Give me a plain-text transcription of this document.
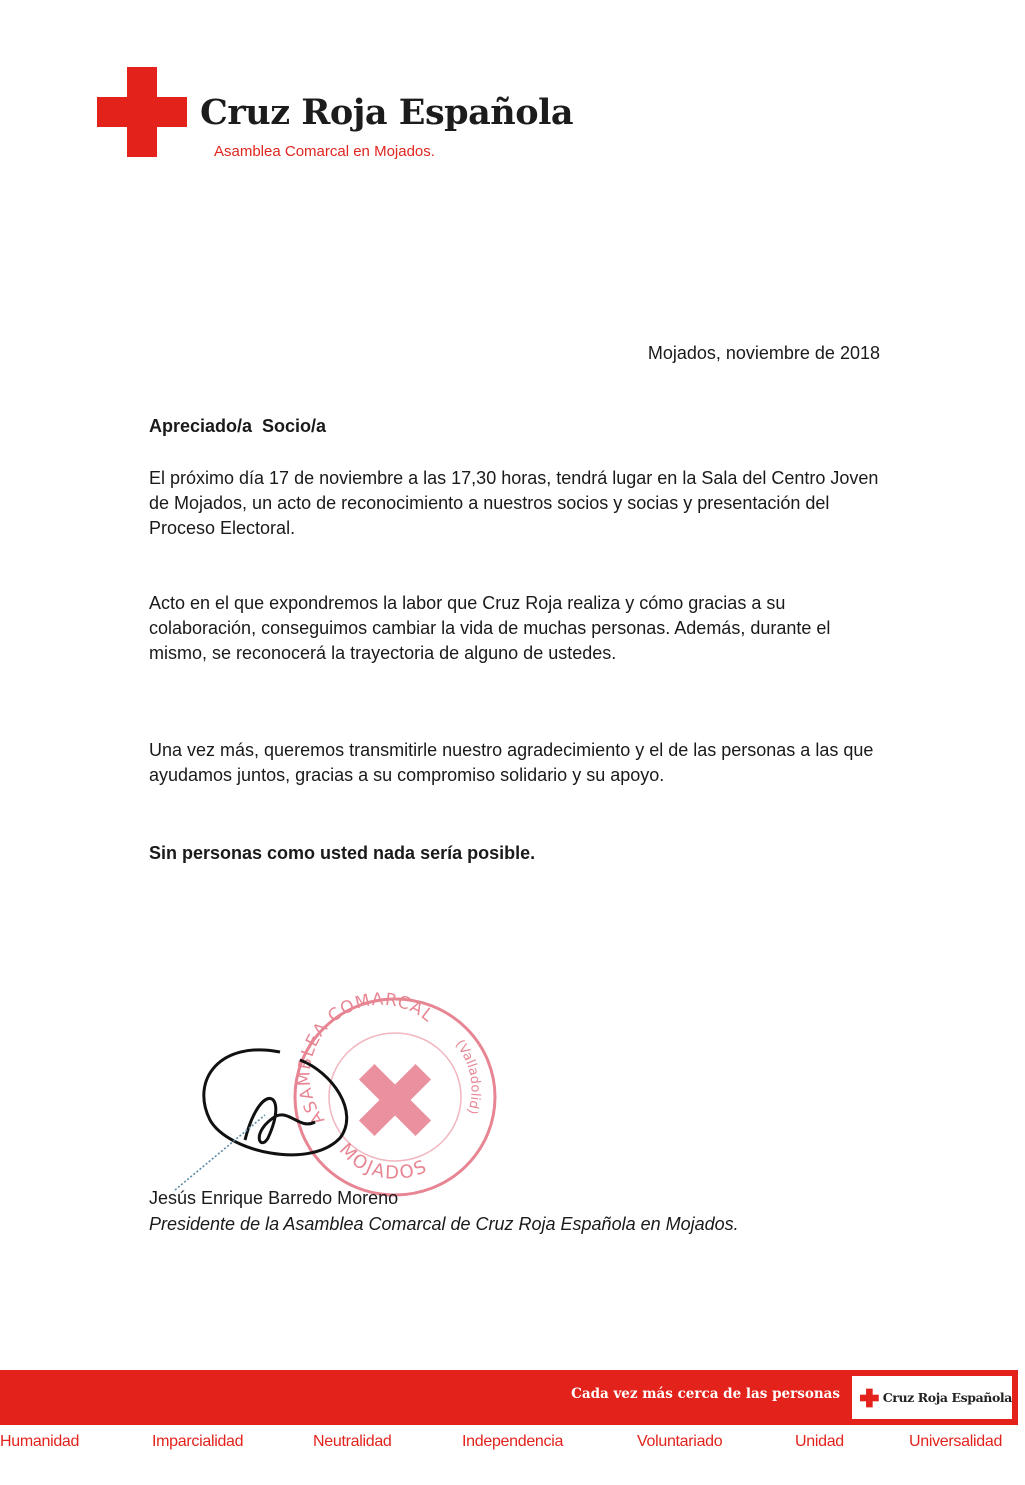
Cruz Roja Española
Asamblea Comarcal en Mojados.
Mojados, noviembre de 2018
Apreciado/a  Socio/a

El próximo día 17 de noviembre a las 17,30 horas, tendrá lugar en la Sala del Centro Joven de Mojados, un acto de reconocimiento a nuestros socios y socias y presentación del Proceso Electoral.

Acto en el que expondremos la labor que Cruz Roja realiza y cómo gracias a su colaboración, conseguimos cambiar la vida de muchas personas. Además, durante el mismo, se reconocerá la trayectoria de alguno de ustedes.

Una vez más, queremos transmitirle nuestro agradecimiento y el de las personas a las que ayudamos juntos, gracias a su compromiso solidario y su apoyo.

Sin personas como usted nada sería posible.
ASAMBLEA COMARCAL
(Valladolid)
MOJADOS
Jesús Enrique Barredo Moreno
Presidente de la Asamblea Comarcal de Cruz Roja Española en Mojados.
Cada vez más cerca de las personas	Cruz Roja Española
Humanidad	Imparcialidad	Neutralidad	Independencia	Voluntariado	Unidad	Universalidad
